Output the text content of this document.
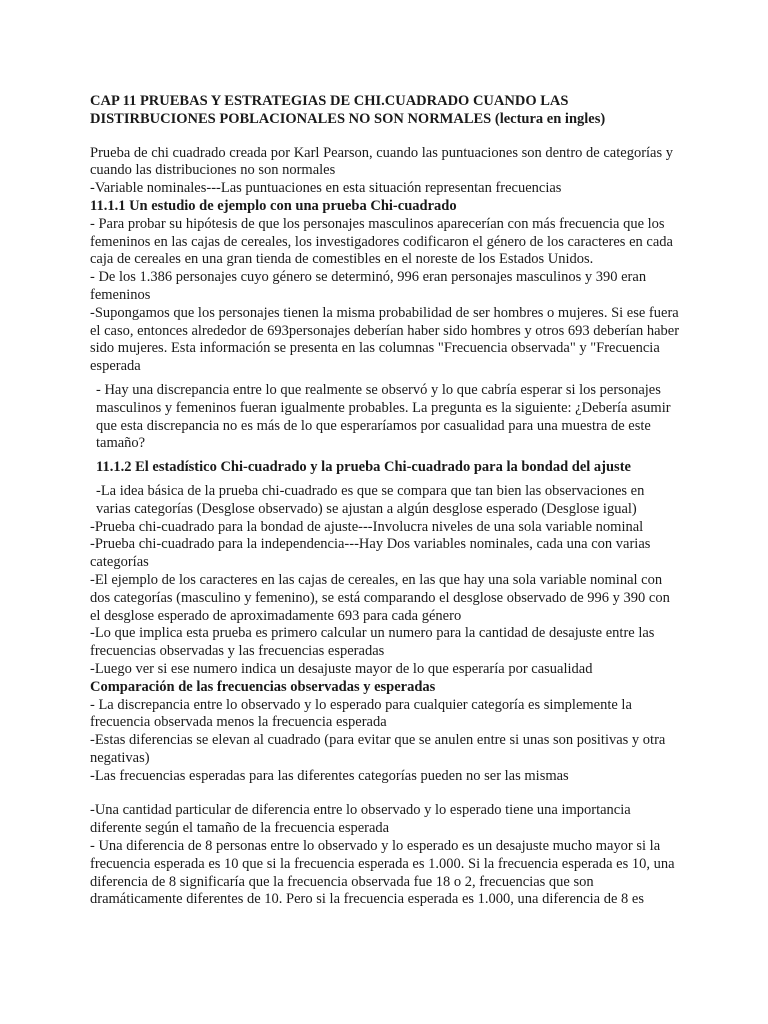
CAP 11 PRUEBAS Y ESTRATEGIAS DE CHI.CUADRADO CUANDO LAS DISTIRBUCIONES POBLACIONALES NO SON NORMALES (lectura en ingles)

Prueba de chi cuadrado creada por Karl Pearson, cuando las puntuaciones son dentro de categorías y cuando las distribuciones no son normales

-Variable nominales---Las puntuaciones en esta situación representan frecuencias

11.1.1 Un estudio de ejemplo con una prueba Chi-cuadrado

- Para probar su hipótesis de que los personajes masculinos aparecerían con más frecuencia que los femeninos en las cajas de cereales, los investigadores codificaron el género de los caracteres en cada caja de cereales en una gran tienda de comestibles en el noreste de los Estados Unidos.

- De los 1.386 personajes cuyo género se determinó, 996 eran personajes masculinos y 390 eran femeninos

-Supongamos que los personajes tienen la misma probabilidad de ser hombres o mujeres. Si ese fuera el caso, entonces alrededor de 693personajes deberían haber sido hombres y otros 693 deberían haber sido mujeres. Esta información se presenta en las columnas "Frecuencia observada" y "Frecuencia esperada

- Hay una discrepancia entre lo que realmente se observó y lo que cabría esperar si los personajes masculinos y femeninos fueran igualmente probables. La pregunta es la siguiente: ¿Debería asumir que esta discrepancia no es más de lo que esperaríamos por casualidad para una muestra de este tamaño?

11.1.2 El estadístico Chi-cuadrado y la prueba Chi-cuadrado para la bondad del ajuste

-La idea básica de la prueba chi-cuadrado es que se compara que tan bien las observaciones en varias categorías (Desglose observado) se ajustan a algún desglose esperado (Desglose igual)

-Prueba chi-cuadrado para la bondad de ajuste---Involucra niveles de una sola variable nominal

-Prueba chi-cuadrado para la independencia---Hay Dos variables nominales, cada una con varias categorías

-El ejemplo de los caracteres en las cajas de cereales, en las que hay una sola variable nominal con dos categorías (masculino y femenino), se está comparando el desglose observado de 996 y 390 con el desglose esperado de aproximadamente 693 para cada género

-Lo que implica esta prueba es primero calcular un numero para la cantidad de desajuste entre las frecuencias observadas y las frecuencias esperadas

-Luego ver si ese numero indica un desajuste mayor de lo que esperaría por casualidad

Comparación de las frecuencias observadas y esperadas

- La discrepancia entre lo observado y lo esperado para cualquier categoría es simplemente la frecuencia observada menos la frecuencia esperada

-Estas diferencias se elevan al cuadrado (para evitar que se anulen entre si unas son positivas y otra negativas)

-Las frecuencias esperadas para las diferentes categorías pueden no ser las mismas

-Una cantidad particular de diferencia entre lo observado y lo esperado tiene una importancia diferente según el tamaño de la frecuencia esperada

- Una diferencia de 8 personas entre lo observado y lo esperado es un desajuste mucho mayor si la frecuencia esperada es 10 que si la frecuencia esperada es 1.000. Si la frecuencia esperada es 10, una diferencia de 8 significaría que la frecuencia observada fue 18 o 2, frecuencias que son dramáticamente diferentes de 10. Pero si la frecuencia esperada es 1.000, una diferencia de 8 es
